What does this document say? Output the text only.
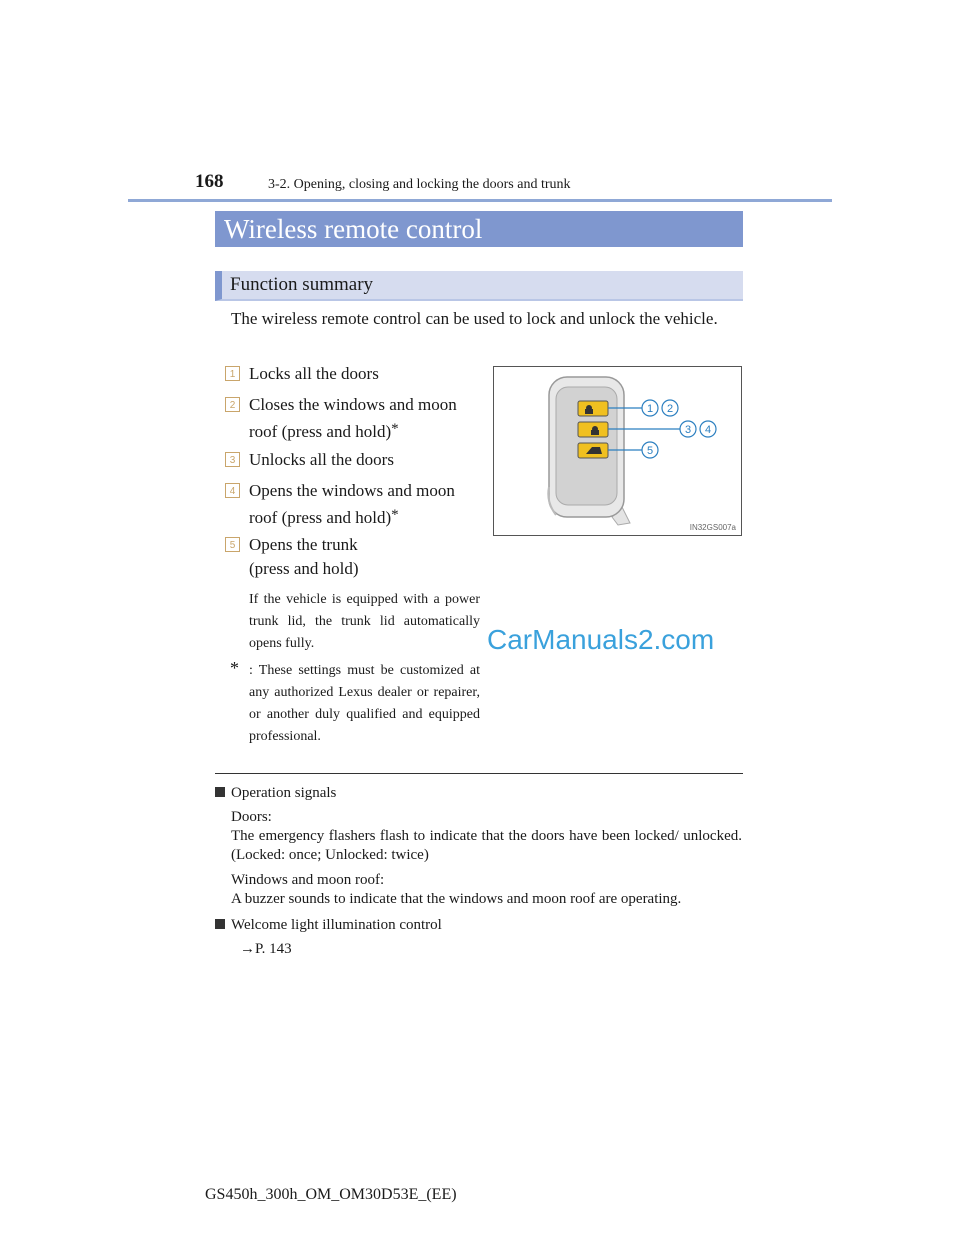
168	3-2. Opening, closing and locking the doors and trunk
Wireless remote control
Function summary
The wireless remote control can be used to lock and unlock the vehicle.
1 Locks all the doors
2 Closes the windows and moon
roof (press and hold)*
3 Unlocks all the doors
4 Opens the windows and moon
roof (press and hold)*
5 Opens the trunk
(press and hold)
If the vehicle is equipped with a power trunk lid, the trunk lid automatically opens fully.
* : These settings must be customized at any authorized Lexus dealer or repairer, or another duly qualified and equipped professional.
1 2
3 4
5
IN32GS007a
CarManuals2.com
Operation signals
Doors:
The emergency flashers flash to indicate that the doors have been locked/ unlocked. (Locked: once; Unlocked: twice)
Windows and moon roof:
A buzzer sounds to indicate that the windows and moon roof are operating.
Welcome light illumination control
→P. 143
GS450h_300h_OM_OM30D53E_(EE)
